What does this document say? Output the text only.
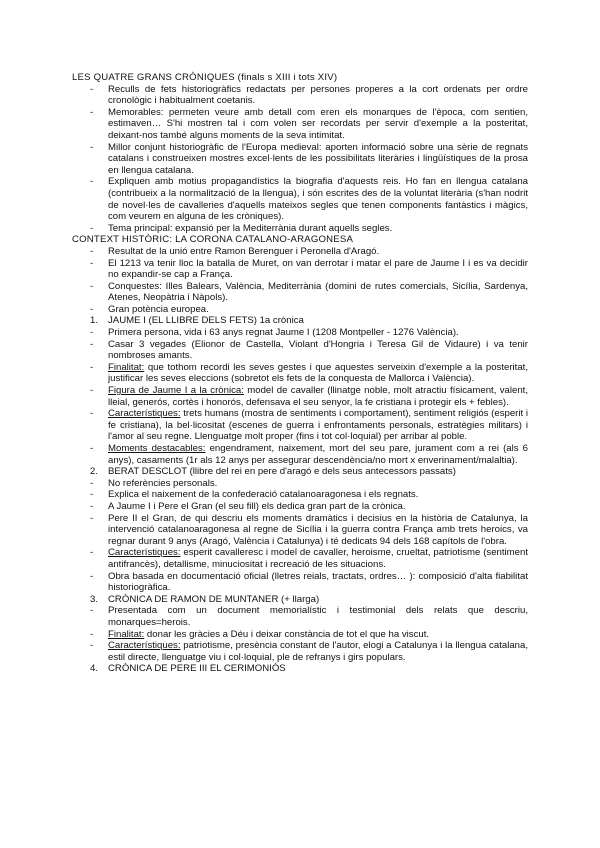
LES QUATRE GRANS CRÒNIQUES (finals s XIII i tots XIV)

-	Reculls de fets historiogràfics redactats per persones properes a la cort ordenats per ordre cronològic i habitualment coetanis.
-	Memorables: permeten veure amb detall com eren els monarques de l'època, com sentien, estimaven… S'hi mostren tal i com volen ser recordats per servir d'exemple a la posteritat, deixant-nos també alguns moments de la seva intimitat.
-	Millor conjunt historiogràfic de l'Europa medieval: aporten informació sobre una sèrie de regnats catalans i construeixen mostres excel·lents de les possibilitats literàries i lingüístiques de la prosa en llengua catalana.
-	Expliquen amb motius propagandístics la biografia d'aquests reis. Ho fan en llengua catalana (contribueix a la normalització de la llengua), i són escrites des de la voluntat literària (s'han nodrit de novel·les de cavalleries d'aquells mateixos segles que tenen components fantàstics i màgics, com veurem en alguna de les cròniques).
-	Tema principal: expansió per la Mediterrània durant aquells segles.

CONTEXT HISTÒRIC: LA CORONA CATALANO-ARAGONESA

-	Resultat de la unió entre Ramon Berenguer i Peronella d'Aragó.
-	El 1213 va tenir lloc la batalla de Muret, on van derrotar i matar el pare de Jaume I i es va decidir no expandir-se cap a França.
-	Conquestes: Illes Balears, València, Mediterrània (domini de rutes comercials, Sicília, Sardenya, Atenes, Neopàtria i Nàpols).
-	Gran potència europea.
1.	JAUME I (EL LLIBRE DELS FETS) 1a crònica
-	Primera persona, vida i 63 anys regnat Jaume I (1208 Montpeller - 1276 València).
-	Casar 3 vegades (Elionor de Castella, Violant d'Hongria i Teresa Gil de Vidaure) i va tenir nombroses amants.
-	Finalitat: que tothom recordi les seves gestes i que aquestes serveixin d'exemple a la posteritat, justificar les seves eleccions (sobretot els fets de la conquesta de Mallorca i València).
-	Figura de Jaume I a la crònica: model de cavaller (llinatge noble, molt atractiu físicament, valent, lleial, generós, cortès i honorós, defensava el seu senyor, la fe cristiana i protegir els + febles).
-	Característiques: trets humans (mostra de sentiments i comportament), sentiment religiós (esperit i fe cristiana), la bel·licositat (escenes de guerra i enfrontaments personals, estratègies militars) i l'amor al seu regne. Llenguatge molt proper (fins i tot col·loquial) per arribar al poble.
-	Moments destacables: engendrament, naixement, mort del seu pare, jurament com a rei (als 6 anys), casaments (1r als 12 anys per assegurar descendència/no mort x enverinament/malaltia).
2.	BERAT DESCLOT (llibre del rei en pere d'aragó e dels seus antecessors passats)
-	No referències personals.
-	Explica el naixement de la confederació catalanoaragonesa i els regnats.
-	A Jaume I i Pere el Gran (el seu fill) els dedica gran part de la crònica.
-	Pere II el Gran, de qui descriu els moments dramàtics i decisius en la història de Catalunya, la intervenció catalanoaragonesa al regne de Sicília i la guerra contra França amb trets heroics, va regnar durant 9 anys (Aragó, València i Catalunya) i té dedicats 94 dels 168 capítols de l'obra.
-	Característiques: esperit cavalleresc i model de cavaller, heroisme, crueltat, patriotisme (sentiment antifrancès), detallisme, minuciositat i recreació de les situacions.
-	Obra basada en documentació oficial (lletres reials, tractats, ordres… ): composició d'alta fiabilitat historiogràfica.
3.	CRÒNICA DE RAMON DE MUNTANER (+ llarga)
-	Presentada com un document memorialístic i testimonial dels relats que descriu, monarques=herois.
-	Finalitat: donar les gràcies a Déu i deixar constància de tot el que ha viscut.
-	Característiques: patriotisme, presència constant de l'autor, elogi a Catalunya i la llengua catalana, estil directe, llenguatge viu i col·loquial, ple de refranys i girs populars.
4.	CRÒNICA DE PERE III EL CERIMONIÓS
